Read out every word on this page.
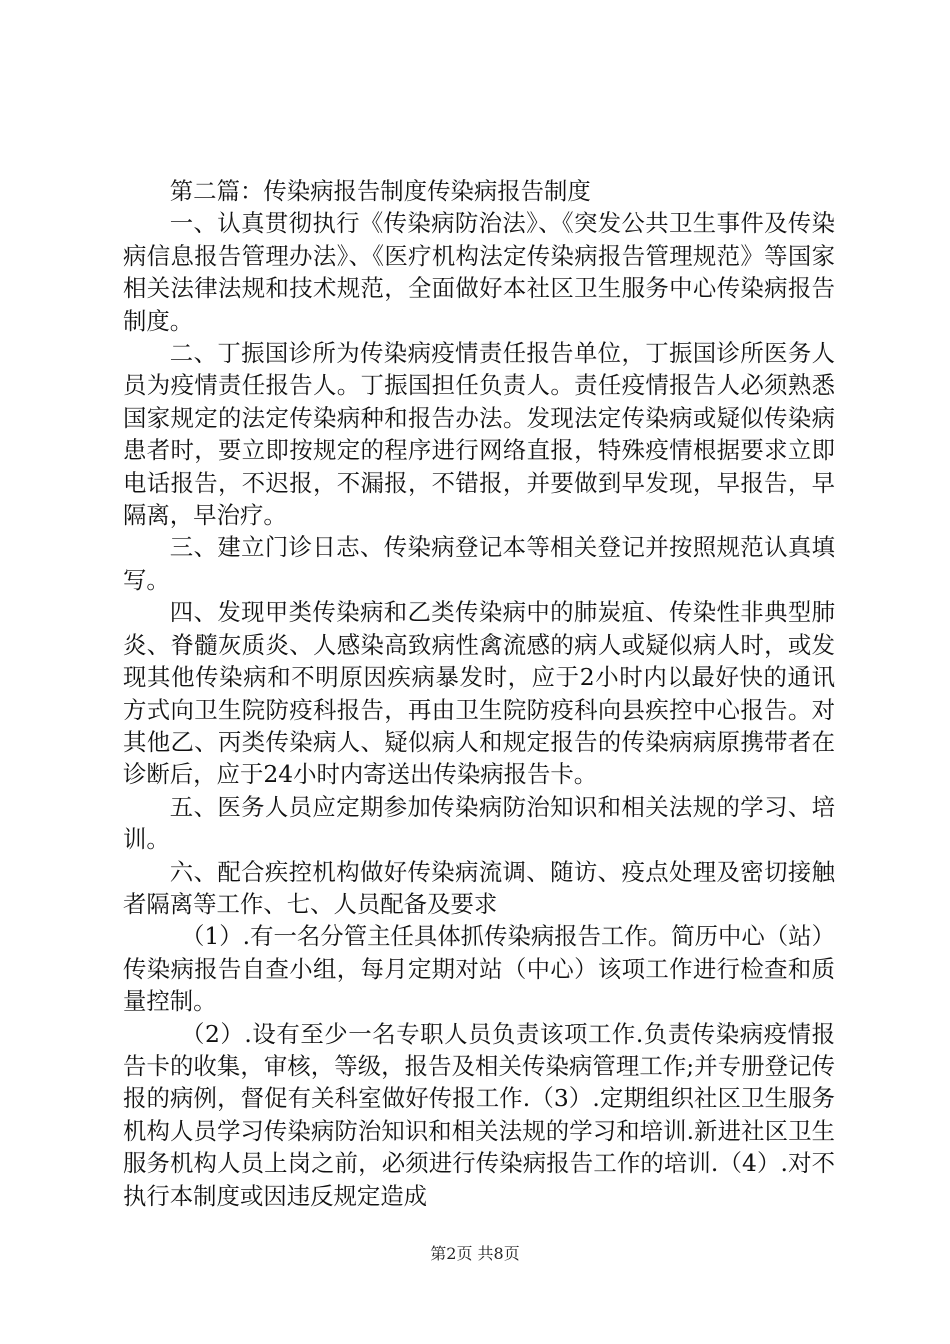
第二篇：传染病报告制度传染病报告制度

一、认真贯彻执行《传染病防治法》、《突发公共卫生事件及传染病信息报告管理办法》、《医疗机构法定传染病报告管理规范》等国家相关法律法规和技术规范，全面做好本社区卫生服务中心传染病报告制度。

二、丁振国诊所为传染病疫情责任报告单位，丁振国诊所医务人员为疫情责任报告人。丁振国担任负责人。责任疫情报告人必须熟悉国家规定的法定传染病种和报告办法。发现法定传染病或疑似传染病患者时，要立即按规定的程序进行网络直报，特殊疫情根据要求立即电话报告，不迟报，不漏报，不错报，并要做到早发现，早报告，早隔离，早治疗。

三、建立门诊日志、传染病登记本等相关登记并按照规范认真填写。

四、发现甲类传染病和乙类传染病中的肺炭疽、传染性非典型肺炎、脊髓灰质炎、人感染高致病性禽流感的病人或疑似病人时，或发现其他传染病和不明原因疾病暴发时，应于2小时内以最好快的通讯方式向卫生院防疫科报告，再由卫生院防疫科向县疾控中心报告。对其他乙、丙类传染病人、疑似病人和规定报告的传染病病原携带者在诊断后，应于24小时内寄送出传染病报告卡。

五、医务人员应定期参加传染病防治知识和相关法规的学习、培训。

六、配合疾控机构做好传染病流调、随访、疫点处理及密切接触者隔离等工作、七、人员配备及要求

（1）.有一名分管主任具体抓传染病报告工作。简历中心（站）传染病报告自查小组，每月定期对站（中心）该项工作进行检查和质量控制。

（2）.设有至少一名专职人员负责该项工作.负责传染病疫情报告卡的收集，审核，等级，报告及相关传染病管理工作;并专册登记传报的病例，督促有关科室做好传报工作.（3）.定期组织社区卫生服务机构人员学习传染病防治知识和相关法规的学习和培训.新进社区卫生服务机构人员上岗之前，必须进行传染病报告工作的培训.（4）.对不执行本制度或因违反规定造成

第2页 共8页
